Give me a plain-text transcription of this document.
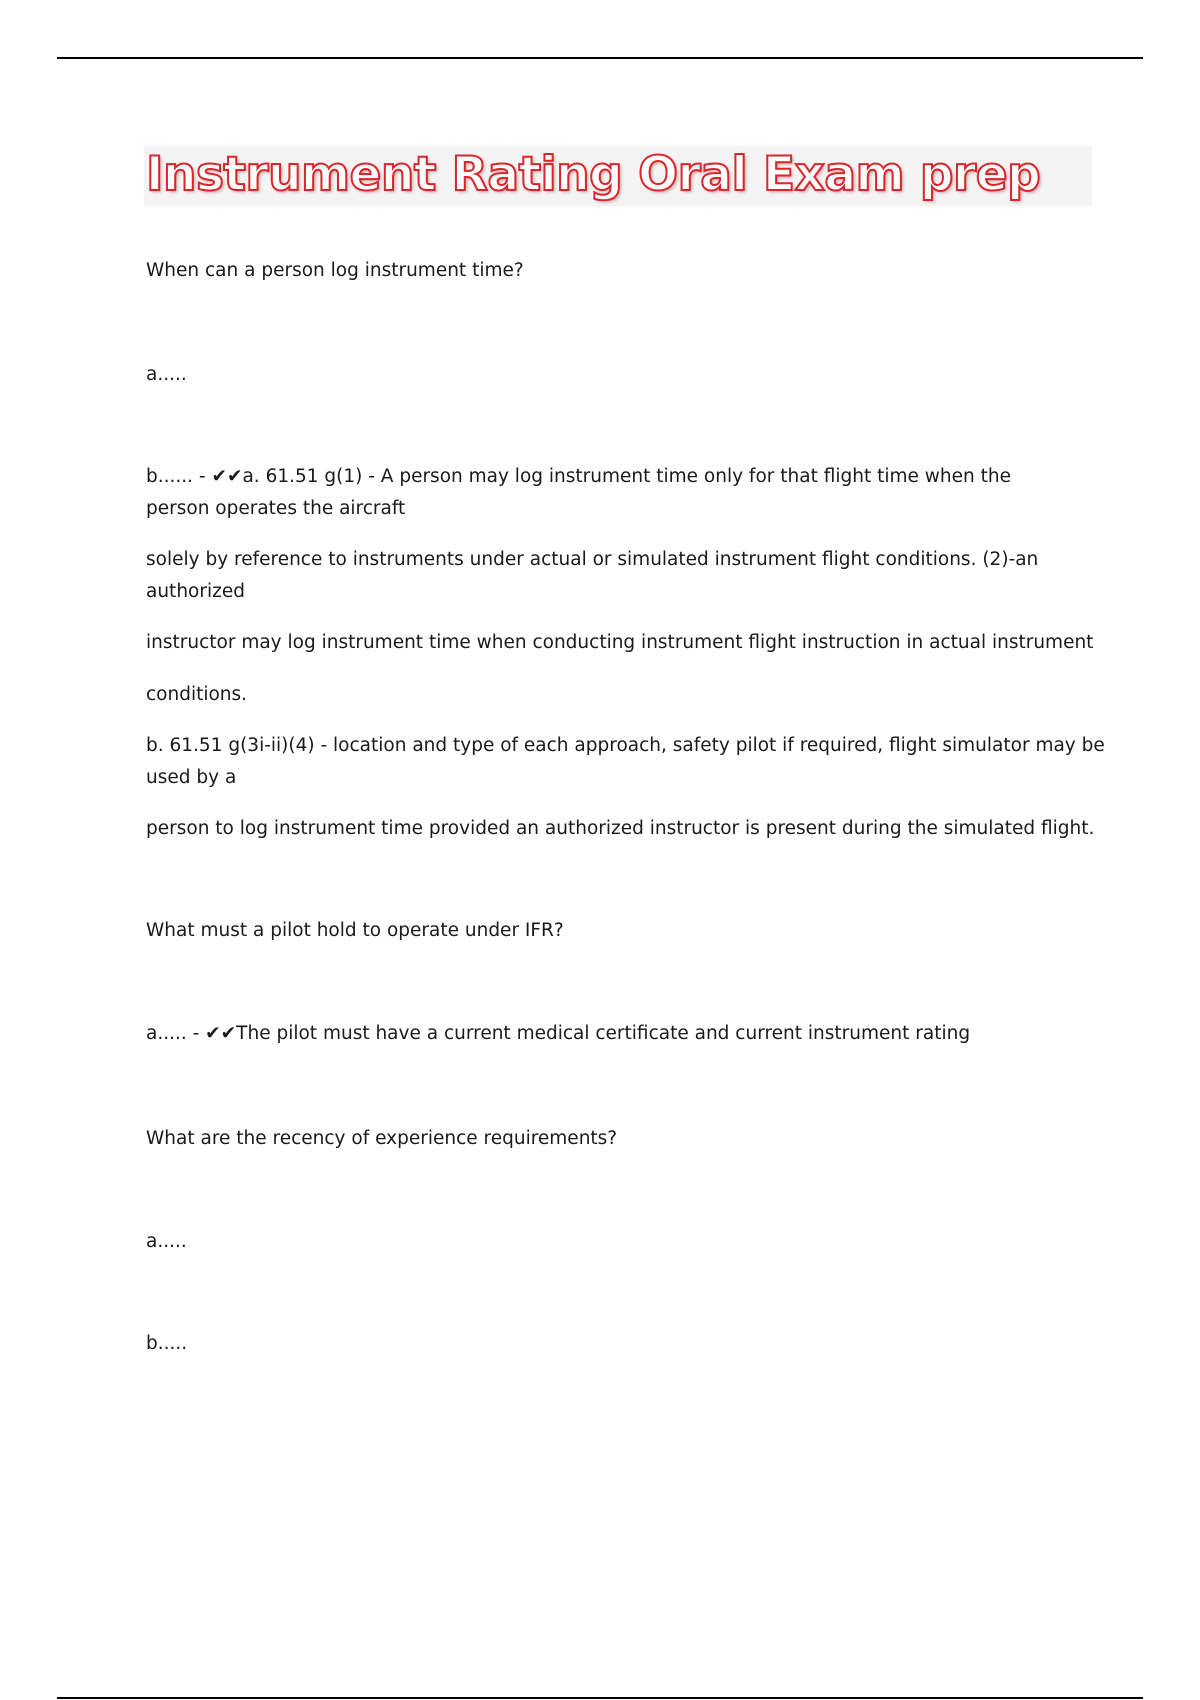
Instrument Rating Oral Exam prep

When can a person log instrument time?

a.....

b...... - ✔✔a. 61.51 g(1) - A person may log instrument time only for that flight time when the

person operates the aircraft

solely by reference to instruments under actual or simulated instrument flight conditions. (2)-an

authorized

instructor may log instrument time when conducting instrument flight instruction in actual instrument

conditions.

b. 61.51 g(3i-ii)(4) - location and type of each approach, safety pilot if required, flight simulator may be

used by a

person to log instrument time provided an authorized instructor is present during the simulated flight.

What must a pilot hold to operate under IFR?

a..... - ✔✔The pilot must have a current medical certificate and current instrument rating

What are the recency of experience requirements?

a.....

b.....
